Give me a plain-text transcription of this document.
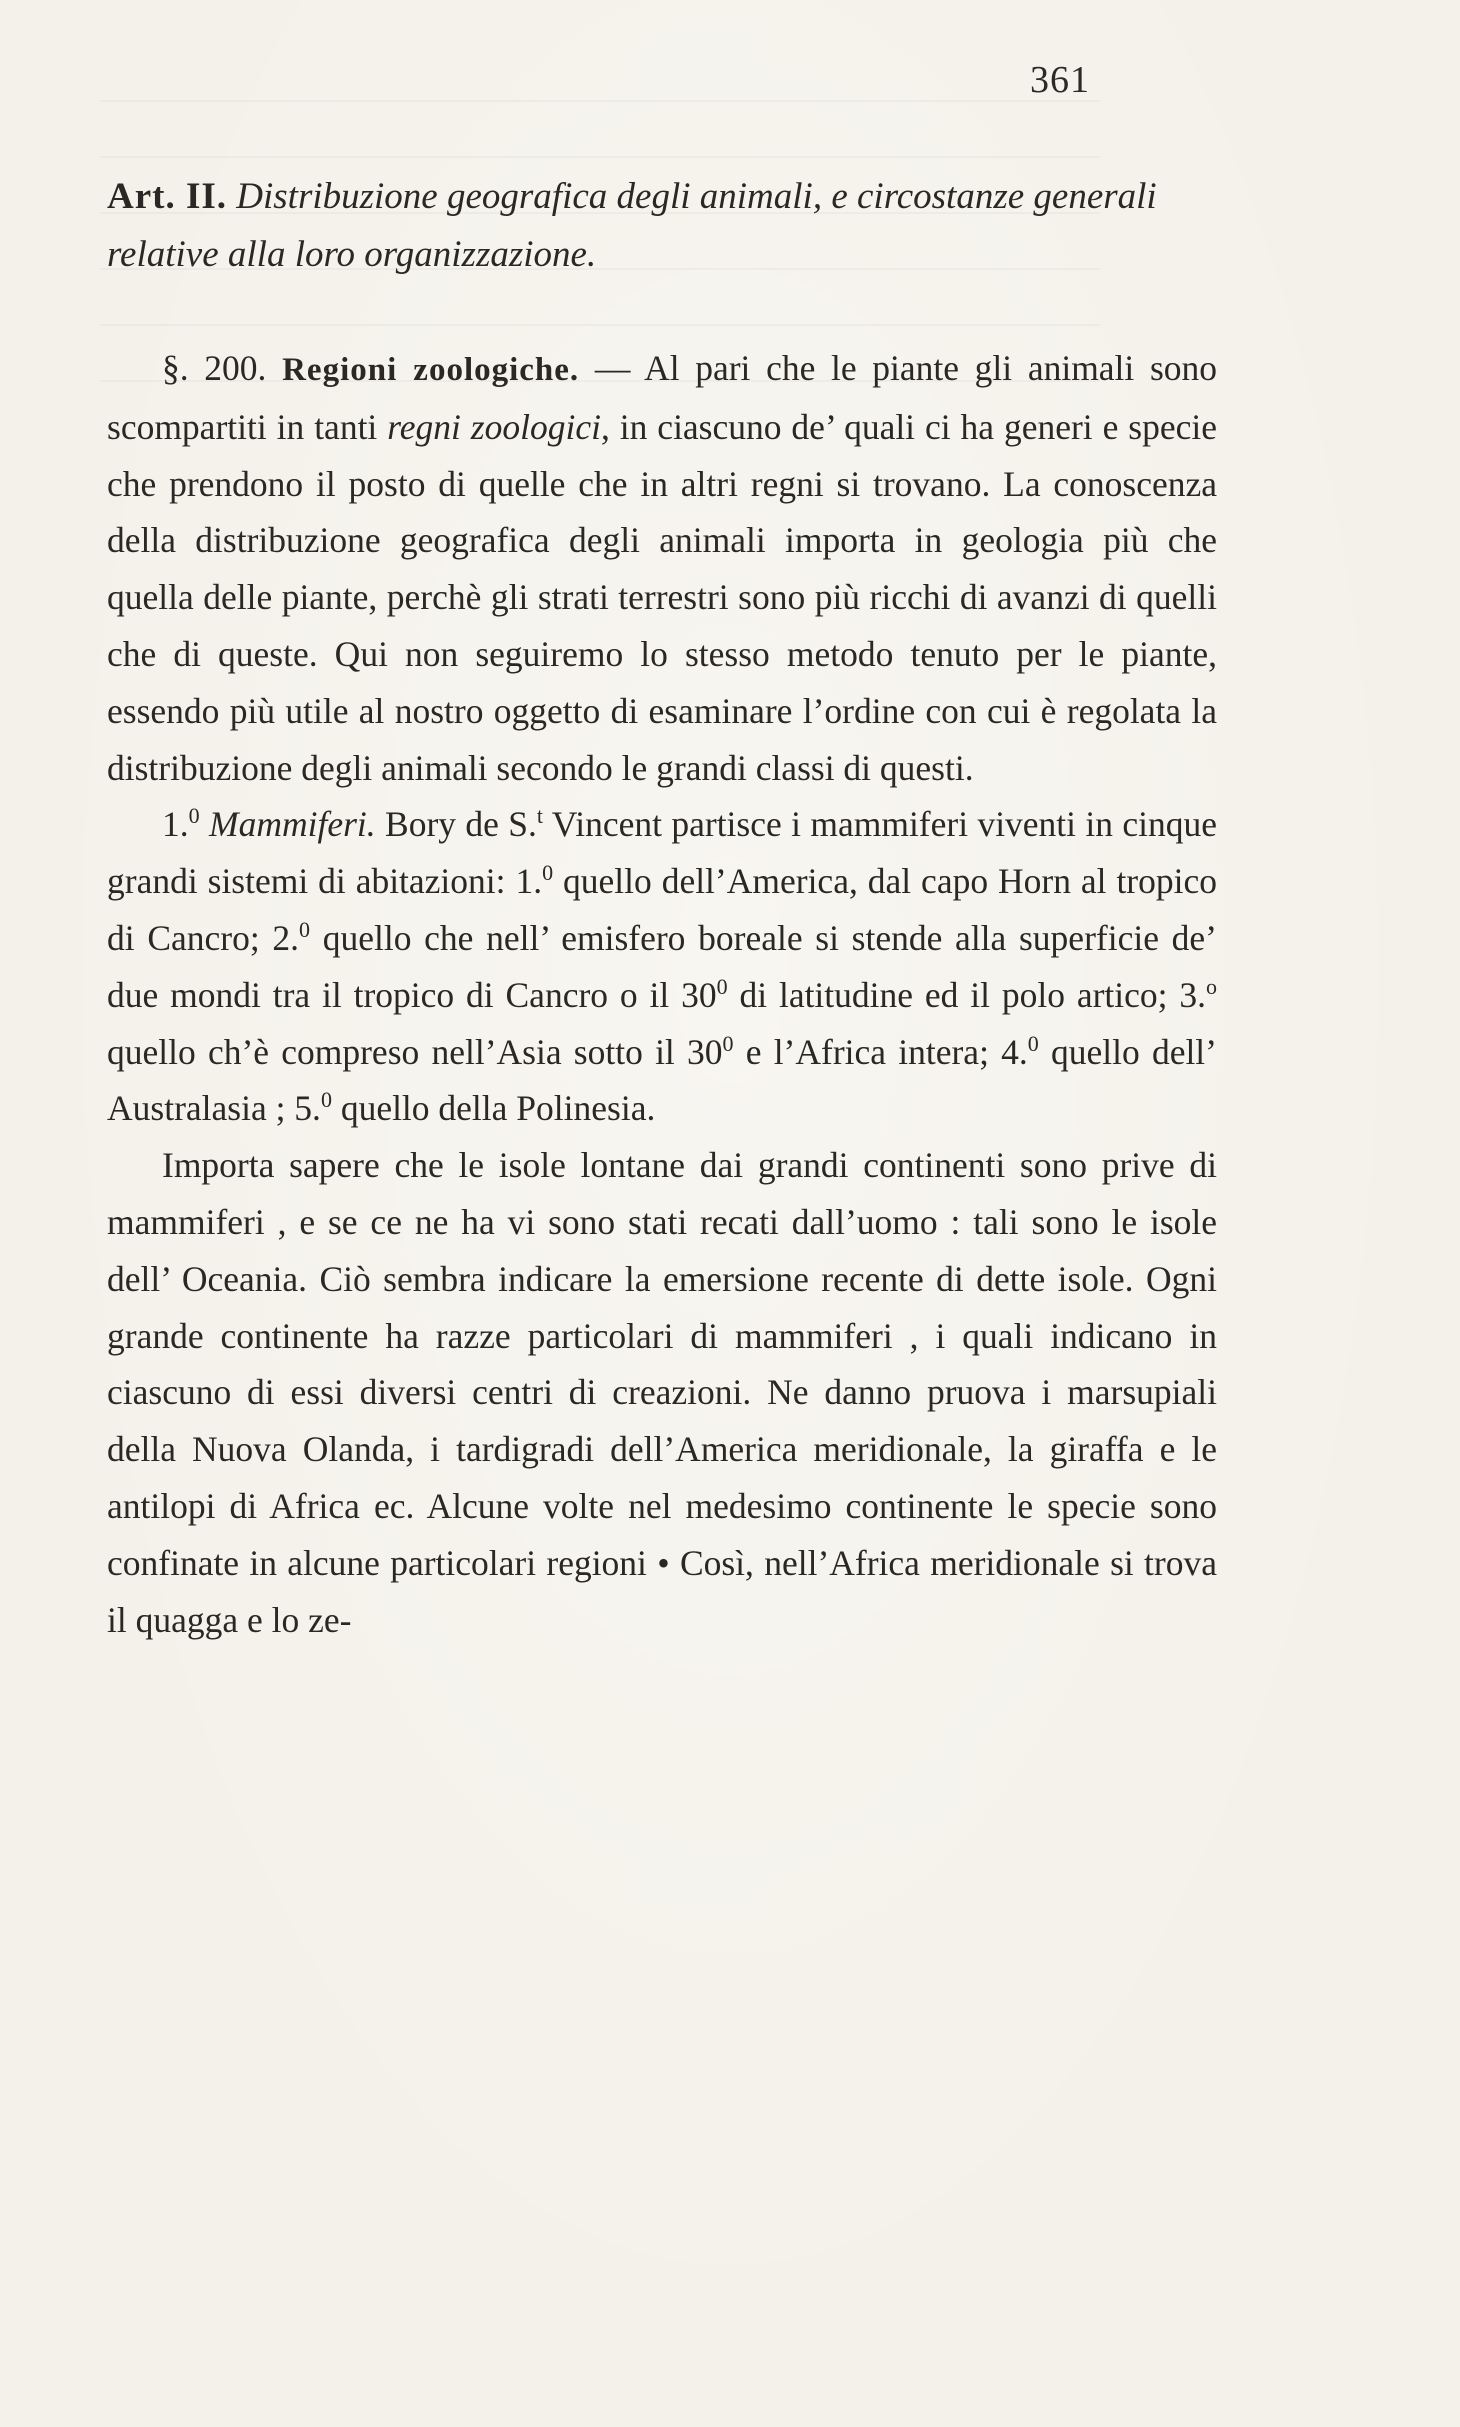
361
Art. II. Distribuzione geografica degli animali, e circostanze generali relative alla loro organizzazione.

§. 200. Regioni zoologiche. — Al pari che le piante gli animali sono scompartiti in tanti regni zoologici, in ciascuno de’ quali ci ha generi e specie che prendono il posto di quelle che in altri regni si trovano. La conoscenza della distribuzione geografica degli animali importa in geologia più che quella delle piante, perchè gli strati terrestri sono più ricchi di avanzi di quelli che di queste. Qui non seguiremo lo stesso metodo tenuto per le piante, essendo più utile al nostro oggetto di esaminare l’ordine con cui è regolata la distribuzione degli animali secondo le grandi classi di questi.

1.$^0$ Mammiferi. Bory de S.$^t$ Vincent partisce i mammiferi viventi in cinque grandi sistemi di abitazioni: 1.$^0$ quello dell’America, dal capo Horn al tropico di Cancro; 2.$^0$ quello che nell’ emisfero boreale si stende alla superficie de’ due mondi tra il tropico di Cancro o il $30^0$ di latitudine ed il polo artico; 3.$^o$ quello ch’è compreso nell’Asia sotto il $30^0$ e l’Africa intera; 4.$^0$ quello dell’ Australasia ; 5.$^0$ quello della Polinesia.

Importa sapere che le isole lontane dai grandi continenti sono prive di mammiferi , e se ce ne ha vi sono stati recati dall’uomo : tali sono le isole dell’ Oceania. Ciò sembra indicare la emersione recente di dette isole. Ogni grande continente ha razze particolari di mammiferi , i quali indicano in ciascuno di essi diversi centri di creazioni. Ne danno pruova i marsupiali della Nuova Olanda, i tardigradi dell’America meridionale, la giraffa e le antilopi di Africa ec. Alcune volte nel medesimo continente le specie sono confinate in alcune particolari regioni • Così, nell’Africa meridionale si trova il quagga e lo ze-
